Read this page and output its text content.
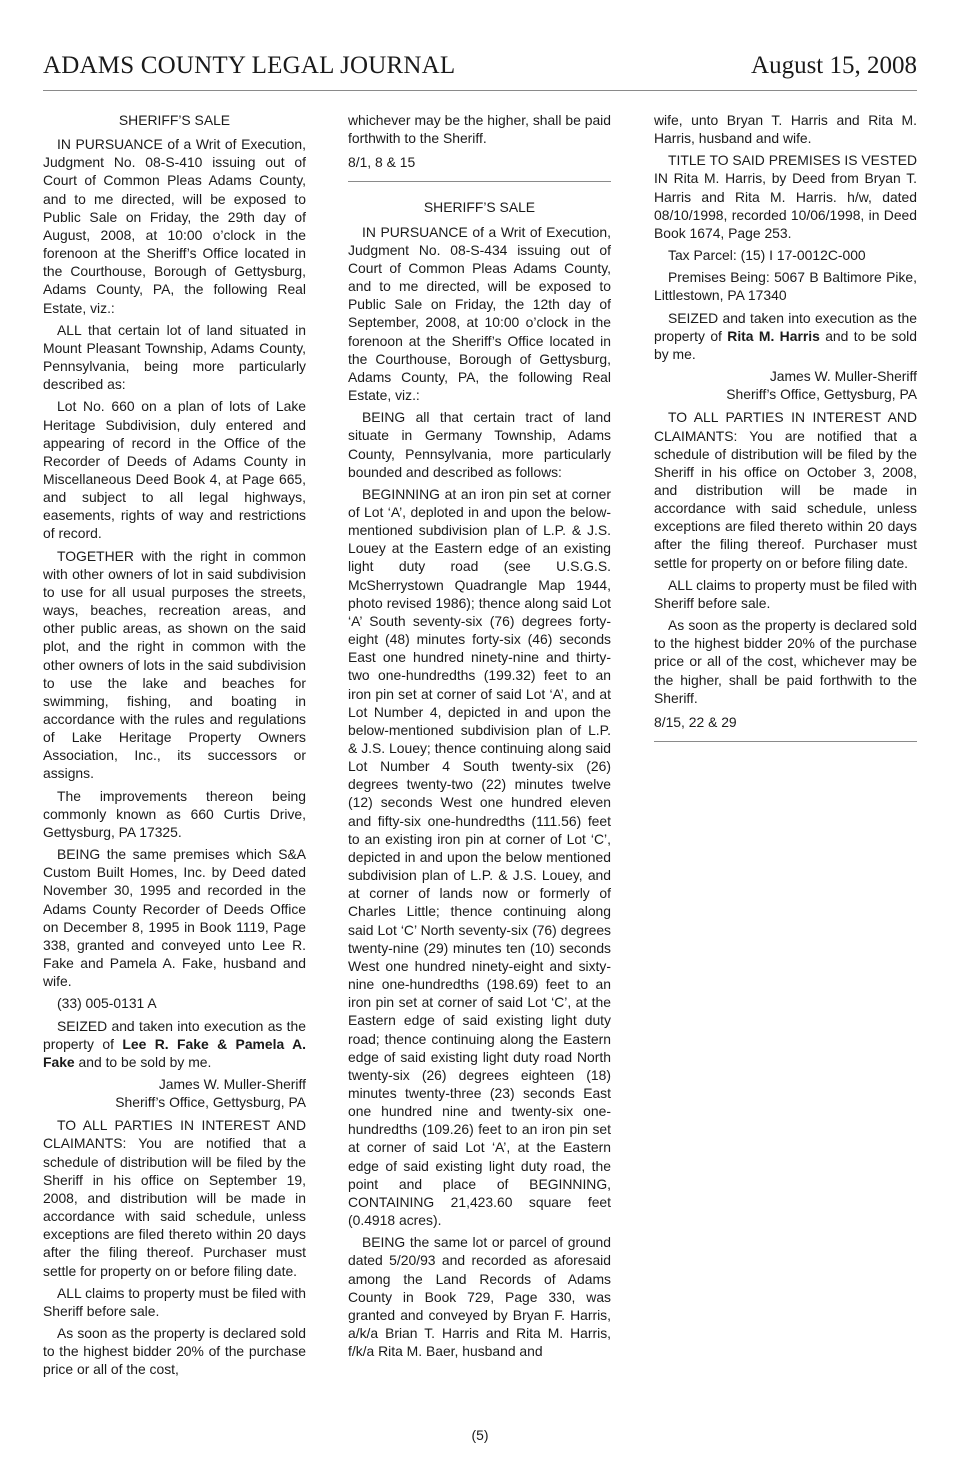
ADAMS COUNTY LEGAL JOURNAL	August 15, 2008

SHERIFF’S SALE

IN PURSUANCE of a Writ of Execution, Judgment No. 08-S-410 issuing out of Court of Common Pleas Adams County, and to me directed, will be exposed to Public Sale on Friday, the 29th day of August, 2008, at 10:00 o’clock in the forenoon at the Sheriff’s Office located in the Courthouse, Borough of Gettysburg, Adams County, PA, the following Real Estate, viz.:

ALL that certain lot of land situated in Mount Pleasant Township, Adams County, Pennsylvania, being more particularly described as:

Lot No. 660 on a plan of lots of Lake Heritage Subdivision, duly entered and appearing of record in the Office of the Recorder of Deeds of Adams County in Miscellaneous Deed Book 4, at Page 665, and subject to all legal highways, easements, rights of way and restrictions of record.

TOGETHER with the right in common with other owners of lot in said subdivision to use for all usual purposes the streets, ways, beaches, recreation areas, and other public areas, as shown on the said plot, and the right in common with the other owners of lots in the said subdivision to use the lake and beaches for swimming, fishing, and boating in accordance with the rules and regulations of Lake Heritage Property Owners Association, Inc., its successors or assigns.

The improvements thereon being commonly known as 660 Curtis Drive, Gettysburg, PA 17325.

BEING the same premises which S&A Custom Built Homes, Inc. by Deed dated November 30, 1995 and recorded in the Adams County Recorder of Deeds Office on December 8, 1995 in Book 1119, Page 338, granted and conveyed unto Lee R. Fake and Pamela A. Fake, husband and wife.

(33) 005-0131 A

SEIZED and taken into execution as the property of Lee R. Fake & Pamela A. Fake and to be sold by me.

James W. Muller-Sheriff

Sheriff’s Office, Gettysburg, PA

TO ALL PARTIES IN INTEREST AND CLAIMANTS: You are notified that a schedule of distribution will be filed by the Sheriff in his office on September 19, 2008, and distribution will be made in accordance with said schedule, unless exceptions are filed thereto within 20 days after the filing thereof. Purchaser must settle for property on or before filing date.

ALL claims to property must be filed with Sheriff before sale.

As soon as the property is declared sold to the highest bidder 20% of the purchase price or all of the cost,

whichever may be the higher, shall be paid forthwith to the Sheriff.

8/1, 8 & 15

SHERIFF’S SALE

IN PURSUANCE of a Writ of Execution, Judgment No. 08-S-434 issuing out of Court of Common Pleas Adams County, and to me directed, will be exposed to Public Sale on Friday, the 12th day of September, 2008, at 10:00 o’clock in the forenoon at the Sheriff’s Office located in the Courthouse, Borough of Gettysburg, Adams County, PA, the following Real Estate, viz.:

BEING all that certain tract of land situate in Germany Township, Adams County, Pennsylvania, more particularly bounded and described as follows:

BEGINNING at an iron pin set at corner of Lot ‘A’, deploted in and upon the below-mentioned subdivision plan of L.P. & J.S. Louey at the Eastern edge of an existing light duty road (see U.S.G.S. McSherrystown Quadrangle Map 1944, photo revised 1986); thence along said Lot ‘A’ South seventy-six (76) degrees forty-eight (48) minutes forty-six (46) seconds East one hundred ninety-nine and thirty-two one-hundredths (199.32) feet to an iron pin set at corner of said Lot ‘A’, and at Lot Number 4, depicted in and upon the below-mentioned subdivision plan of L.P. & J.S. Louey; thence continuing along said Lot Number 4 South twenty-six (26) degrees twenty-two (22) minutes twelve (12) seconds West one hundred eleven and fifty-six one-hundredths (111.56) feet to an existing iron pin at corner of Lot ‘C’, depicted in and upon the below mentioned subdivision plan of L.P. & J.S. Louey, and at corner of lands now or formerly of Charles Little; thence continuing along said Lot ‘C’ North seventy-six (76) degrees twenty-nine (29) minutes ten (10) seconds West one hundred ninety-eight and sixty-nine one-hundredths (198.69) feet to an iron pin set at corner of said Lot ‘C’, at the Eastern edge of said existing light duty road; thence continuing along the Eastern edge of said existing light duty road North twenty-six (26) degrees eighteen (18) minutes twenty-three (23) seconds East one hundred nine and twenty-six one-hundredths (109.26) feet to an iron pin set at corner of said Lot ‘A’, at the Eastern edge of said existing light duty road, the point and place of BEGINNING, CONTAINING 21,423.60 square feet (0.4918 acres).

BEING the same lot or parcel of ground dated 5/20/93 and recorded as aforesaid among the Land Records of Adams County in Book 729, Page 330, was granted and conveyed by Bryan F. Harris, a/k/a Brian T. Harris and Rita M. Harris, f/k/a Rita M. Baer, husband and

wife, unto Bryan T. Harris and Rita M. Harris, husband and wife.

TITLE TO SAID PREMISES IS VESTED IN Rita M. Harris, by Deed from Bryan T. Harris and Rita M. Harris. h/w, dated 08/10/1998, recorded 10/06/1998, in Deed Book 1674, Page 253.

Tax Parcel: (15) I 17-0012C-000

Premises Being: 5067 B Baltimore Pike, Littlestown, PA 17340

SEIZED and taken into execution as the property of Rita M. Harris and to be sold by me.

James W. Muller-Sheriff

Sheriff’s Office, Gettysburg, PA

TO ALL PARTIES IN INTEREST AND CLAIMANTS: You are notified that a schedule of distribution will be filed by the Sheriff in his office on October 3, 2008, and distribution will be made in accordance with said schedule, unless exceptions are filed thereto within 20 days after the filing thereof. Purchaser must settle for property on or before filing date.

ALL claims to property must be filed with Sheriff before sale.

As soon as the property is declared sold to the highest bidder 20% of the purchase price or all of the cost, whichever may be the higher, shall be paid forthwith to the Sheriff.

8/15, 22 & 29

(5)
